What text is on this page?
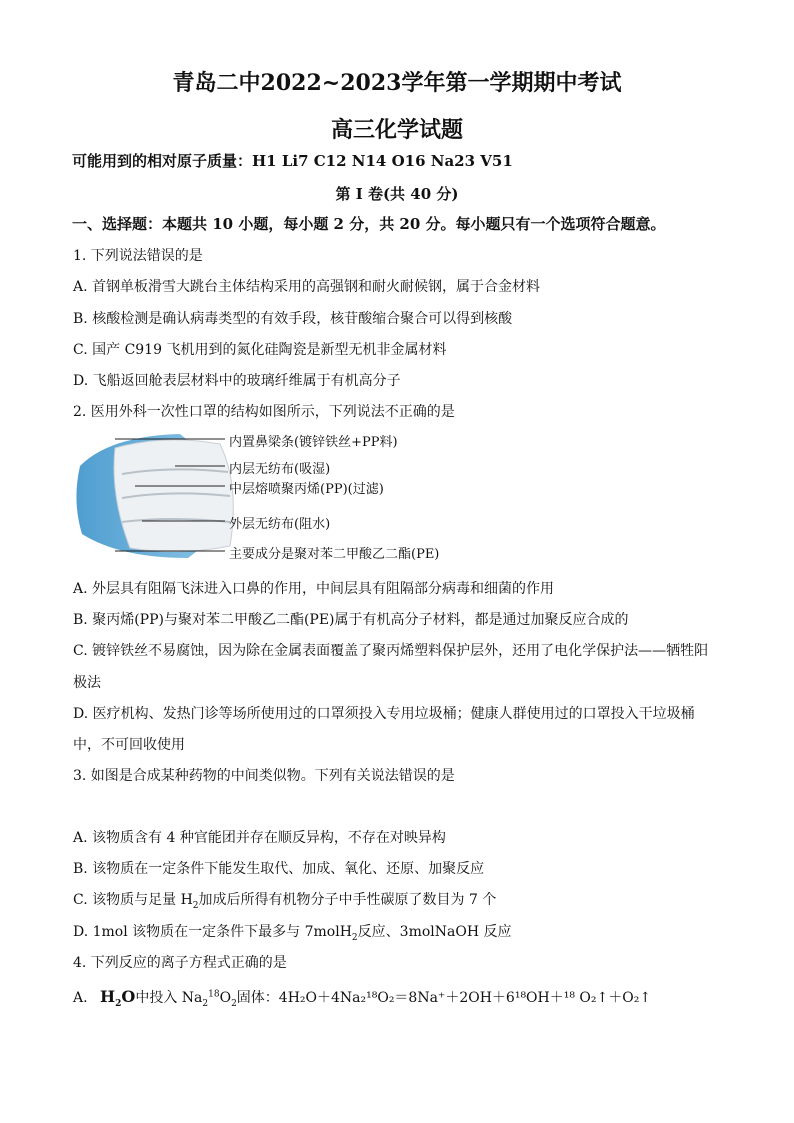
青岛二中2022~2023学年第一学期期中考试
高三化学试题
可能用到的相对原子质量：H1 Li7 C12 N14 O16 Na23 V51
第 I 卷(共 40 分)
一、选择题：本题共 10 小题，每小题 2 分，共 20 分。每小题只有一个选项符合题意。
1. 下列说法错误的是
A. 首钢单板滑雪大跳台主体结构采用的高强钢和耐火耐候钢，属于合金材料
B. 核酸检测是确认病毒类型的有效手段，核苷酸缩合聚合可以得到核酸
C. 国产 C919 飞机用到的氮化硅陶瓷是新型无机非金属材料
D. 飞船返回舱表层材料中的玻璃纤维属于有机高分子
2. 医用外科一次性口罩的结构如图所示，下列说法不正确的是
内置鼻梁条(镀锌铁丝+PP料)
内层无纺布(吸湿)
中层熔喷聚丙烯(PP)(过滤)
外层无纺布(阻水)
主要成分是聚对苯二甲酸乙二酯(PE)
A. 外层具有阻隔飞沫进入口鼻的作用，中间层具有阻隔部分病毒和细菌的作用
B. 聚丙烯(PP)与聚对苯二甲酸乙二酯(PE)属于有机高分子材料，都是通过加聚反应合成的
C. 镀锌铁丝不易腐蚀，因为除在金属表面覆盖了聚丙烯塑料保护层外，还用了电化学保护法——牺牲阳
极法
D. 医疗机构、发热门诊等场所使用过的口罩须投入专用垃圾桶；健康人群使用过的口罩投入干垃圾桶
中，不可回收使用
3. 如图是合成某种药物的中间类似物。下列有关说法错误的是
A. 该物质含有 4 种官能团并存在顺反异构，不存在对映异构
B. 该物质在一定条件下能发生取代、加成、氧化、还原、加聚反应
C. 该物质与足量 $H_2$加成后所得有机物分子中手性碳原了数目为 7 个
D. 1mol 该物质在一定条件下最多与 7molH$_2$反应、3molNaOH 反应
4. 下列反应的离子方程式正确的是
A. $H_2O$中投入 $Na_2^{18}O_2$固体：4H₂O＋4Na₂¹⁸O₂＝8Na⁺＋2OH＋6¹⁸OH＋¹⁸ O₂↑＋O₂↑
